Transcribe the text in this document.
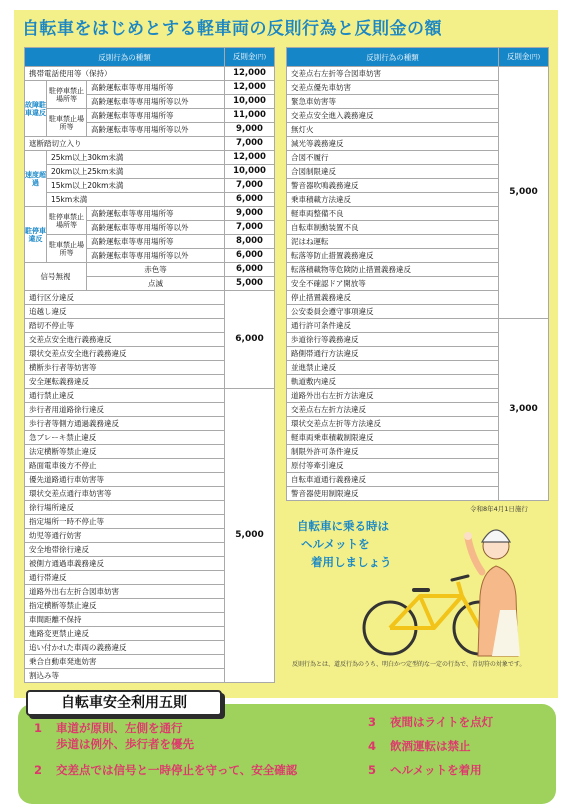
自転車をはじめとする軽車両の反則行為と反則金の額
反則行為の種類			反則金(円)
携帯電話使用等（保持）			12,000
故障駐車違反	駐停車禁止場所等	高齢運転車等専用場所等	12,000
		高齢運転車等専用場所等以外	10,000
	駐車禁止場所等	高齢運転車等専用場所等	11,000
		高齢運転車等専用場所等以外	9,000
遮断踏切立入り			7,000
速度超過	25km以上30km未満		12,000
	20km以上25km未満		10,000
	15km以上20km未満		7,000
	15km未満		6,000
駐停車違反	駐停車禁止場所等	高齢運転車等専用場所等	9,000
		高齢運転車等専用場所等以外	7,000
	駐車禁止場所等	高齢運転車等専用場所等	8,000
		高齢運転車等専用場所等以外	6,000
信号無視		赤色等	6,000
		点滅	5,000
通行区分違反			6,000
追越し違反			
踏切不停止等			
交差点安全進行義務違反			
環状交差点安全進行義務違反			
横断歩行者等妨害等			
安全運転義務違反			
通行禁止違反			5,000
歩行者用道路徐行違反			
歩行者等側方通過義務違反			
急ブレーキ禁止違反			
法定横断等禁止違反			
路面電車後方不停止			
優先道路通行車妨害等			
環状交差点通行車妨害等			
徐行場所違反			
指定場所一時不停止等			
幼児等通行妨害			
安全地帯徐行違反			
被側方通過車義務違反			
通行帯違反			
道路外出右左折合図車妨害			
指定横断等禁止違反			
車間距離不保持			
進路変更禁止違反			
追い付かれた車両の義務違反			
乗合自動車発進妨害			
割込み等			
反則行為の種類	反則金(円)
交差点右左折等合図車妨害	5,000
交差点優先車妨害	
緊急車妨害等	
交差点安全進入義務違反	
無灯火	
減光等義務違反	
合図不履行	
合図制限違反	
警音器吹鳴義務違反	
乗車積載方法違反	
軽車両整備不良	
自転車制動装置不良	
泥はね運転	
転落等防止措置義務違反	
転落積載物等危険防止措置義務違反	
安全不確認ドア開放等	
停止措置義務違反	
公安委員会遵守事項違反	
通行許可条件違反	3,000
歩道徐行等義務違反	
路側帯通行方法違反	
並進禁止違反	
軌道敷内違反	
道路外出右左折方法違反	
交差点右左折方法違反	
環状交差点左折等方法違反	
軽車両乗車積載制限違反	
制限外許可条件違反	
原付等牽引違反	
自転車道通行義務違反	
警音器使用制限違反	
令和8年4月1日施行
自転車に乗る時は
ヘルメットを
着用しましょう
反則行為とは、道反行為のうち、明白かつ定型的な一定の行為で、青切符の対象です。
自転車安全利用五則
1 車道が原則、左側を通行
歩道は例外、歩行者を優先
2 交差点では信号と一時停止を守って、安全確認
3 夜間はライトを点灯
4 飲酒運転は禁止
5 ヘルメットを着用
